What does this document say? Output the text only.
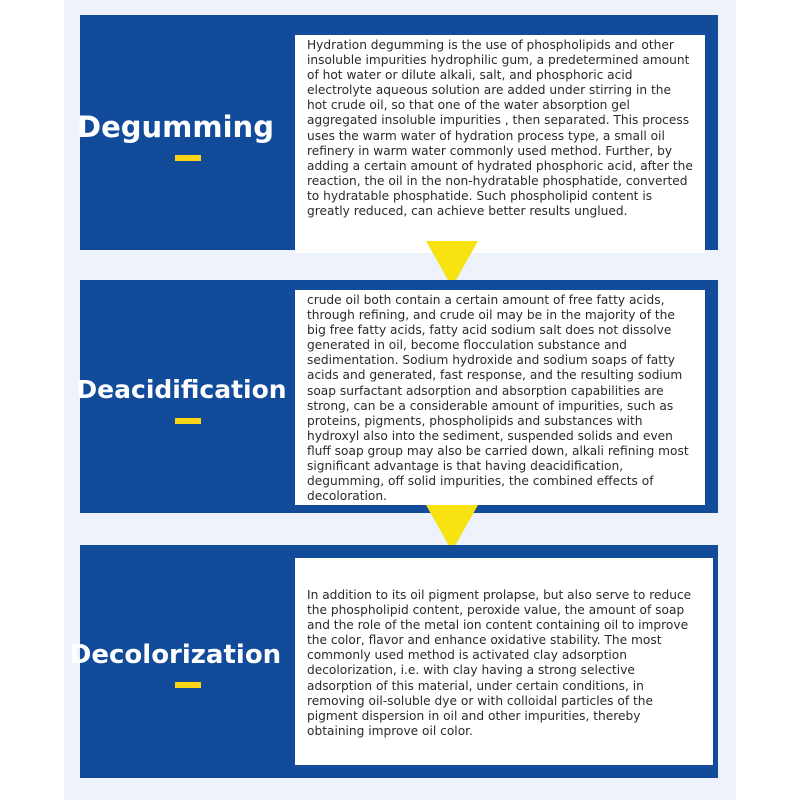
Degumming
Hydration degumming is the use of phospholipids and other insoluble impurities hydrophilic gum, a predetermined amount of hot water or dilute alkali, salt, and phosphoric acid electrolyte aqueous solution are added under stirring in the hot crude oil, so that one of the water absorption gel aggregated insoluble impurities , then separated. This process uses the warm water of hydration process type, a small oil refinery in warm water commonly used method. Further, by adding a certain amount of hydrated phosphoric acid, after the reaction, the oil in the non-hydratable phosphatide, converted to hydratable phosphatide. Such phospholipid content is greatly reduced, can achieve better results unglued.
Deacidification
crude oil both contain a certain amount of free fatty acids, through refining, and crude oil may be in the majority of the big free fatty acids, fatty acid sodium salt does not dissolve generated in oil, become flocculation substance and sedimentation. Sodium hydroxide and sodium soaps of fatty acids and generated, fast response, and the resulting sodium soap surfactant adsorption and absorption capabilities are strong, can be a considerable amount of impurities, such as proteins, pigments, phospholipids and substances with hydroxyl also into the sediment, suspended solids and even fluff soap group may also be carried down, alkali refining most significant advantage is that having deacidification, degumming, off solid impurities, the combined effects of decoloration.
Decolorization
In addition to its oil pigment prolapse, but also serve to reduce the phospholipid content, peroxide value, the amount of soap and the role of the metal ion content containing oil to improve the color, flavor and enhance oxidative stability. The most commonly used method is activated clay adsorption decolorization, i.e. with clay having a strong selective adsorption of this material, under certain conditions, in removing oil-soluble dye or with colloidal particles of the pigment dispersion in oil and other impurities, thereby obtaining improve oil color.
